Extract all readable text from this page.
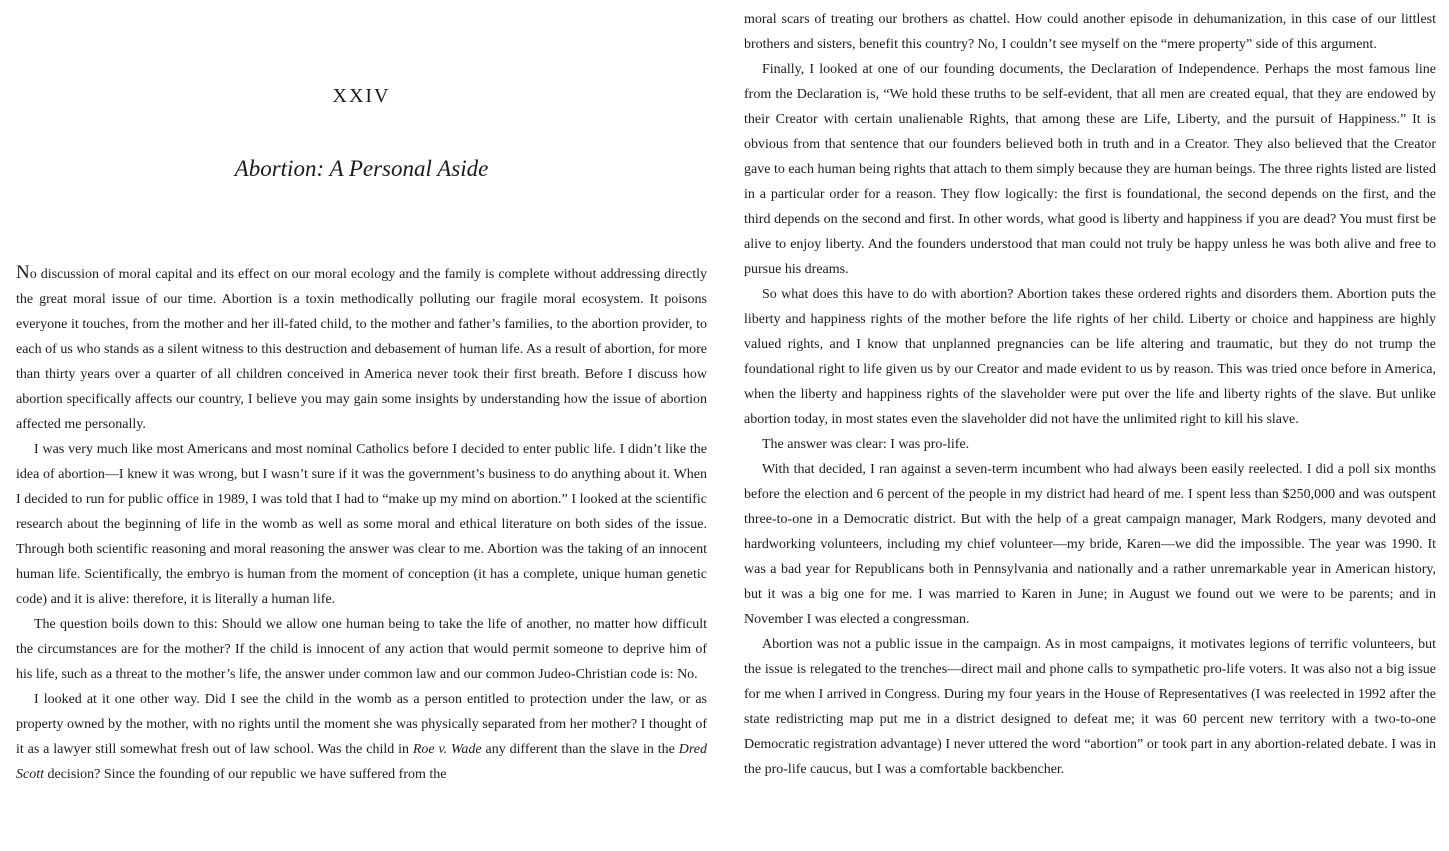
XXIV
Abortion: A Personal Aside

No discussion of moral capital and its effect on our moral ecology and the family is complete without addressing directly the great moral issue of our time. Abortion is a toxin methodically polluting our fragile moral ecosystem. It poisons everyone it touches, from the mother and her ill-fated child, to the mother and father’s families, to the abortion provider, to each of us who stands as a silent witness to this destruction and debasement of human life. As a result of abortion, for more than thirty years over a quarter of all children conceived in America never took their first breath. Before I discuss how abortion specifically affects our country, I believe you may gain some insights by understanding how the issue of abortion affected me personally.

I was very much like most Americans and most nominal Catholics before I decided to enter public life. I didn’t like the idea of abortion—I knew it was wrong, but I wasn’t sure if it was the government’s business to do anything about it. When I decided to run for public office in 1989, I was told that I had to “make up my mind on abortion.” I looked at the scientific research about the beginning of life in the womb as well as some moral and ethical literature on both sides of the issue. Through both scientific reasoning and moral reasoning the answer was clear to me. Abortion was the taking of an innocent human life. Scientifically, the embryo is human from the moment of conception (it has a complete, unique human genetic code) and it is alive: therefore, it is literally a human life.

The question boils down to this: Should we allow one human being to take the life of another, no matter how difficult the circumstances are for the mother? If the child is innocent of any action that would permit someone to deprive him of his life, such as a threat to the mother’s life, the answer under common law and our common Judeo-Christian code is: No.

I looked at it one other way. Did I see the child in the womb as a person entitled to protection under the law, or as property owned by the mother, with no rights until the moment she was physically separated from her mother? I thought of it as a lawyer still somewhat fresh out of law school. Was the child in Roe v. Wade any different than the slave in the Dred Scott decision? Since the founding of our republic we have suffered from the

moral scars of treating our brothers as chattel. How could another episode in dehumanization, in this case of our littlest brothers and sisters, benefit this country? No, I couldn’t see myself on the “mere property” side of this argument.

Finally, I looked at one of our founding documents, the Declaration of Independence. Perhaps the most famous line from the Declaration is, “We hold these truths to be self-evident, that all men are created equal, that they are endowed by their Creator with certain unalienable Rights, that among these are Life, Liberty, and the pursuit of Happiness.” It is obvious from that sentence that our founders believed both in truth and in a Creator. They also believed that the Creator gave to each human being rights that attach to them simply because they are human beings. The three rights listed are listed in a particular order for a reason. They flow logically: the first is foundational, the second depends on the first, and the third depends on the second and first. In other words, what good is liberty and happiness if you are dead? You must first be alive to enjoy liberty. And the founders understood that man could not truly be happy unless he was both alive and free to pursue his dreams.

So what does this have to do with abortion? Abortion takes these ordered rights and disorders them. Abortion puts the liberty and happiness rights of the mother before the life rights of her child. Liberty or choice and happiness are highly valued rights, and I know that unplanned pregnancies can be life altering and traumatic, but they do not trump the foundational right to life given us by our Creator and made evident to us by reason. This was tried once before in America, when the liberty and happiness rights of the slaveholder were put over the life and liberty rights of the slave. But unlike abortion today, in most states even the slaveholder did not have the unlimited right to kill his slave.

The answer was clear: I was pro-life.

With that decided, I ran against a seven-term incumbent who had always been easily reelected. I did a poll six months before the election and 6 percent of the people in my district had heard of me. I spent less than $250,000 and was outspent three-to-one in a Democratic district. But with the help of a great campaign manager, Mark Rodgers, many devoted and hardworking volunteers, including my chief volunteer—my bride, Karen—we did the impossible. The year was 1990. It was a bad year for Republicans both in Pennsylvania and nationally and a rather unremarkable year in American history, but it was a big one for me. I was married to Karen in June; in August we found out we were to be parents; and in November I was elected a congressman.

Abortion was not a public issue in the campaign. As in most campaigns, it motivates legions of terrific volunteers, but the issue is relegated to the trenches—direct mail and phone calls to sympathetic pro-life voters. It was also not a big issue for me when I arrived in Congress. During my four years in the House of Representatives (I was reelected in 1992 after the state redistricting map put me in a district designed to defeat me; it was 60 percent new territory with a two-to-one Democratic registration advantage) I never uttered the word “abortion” or took part in any abortion-related debate. I was in the pro-life caucus, but I was a comfortable backbencher.
